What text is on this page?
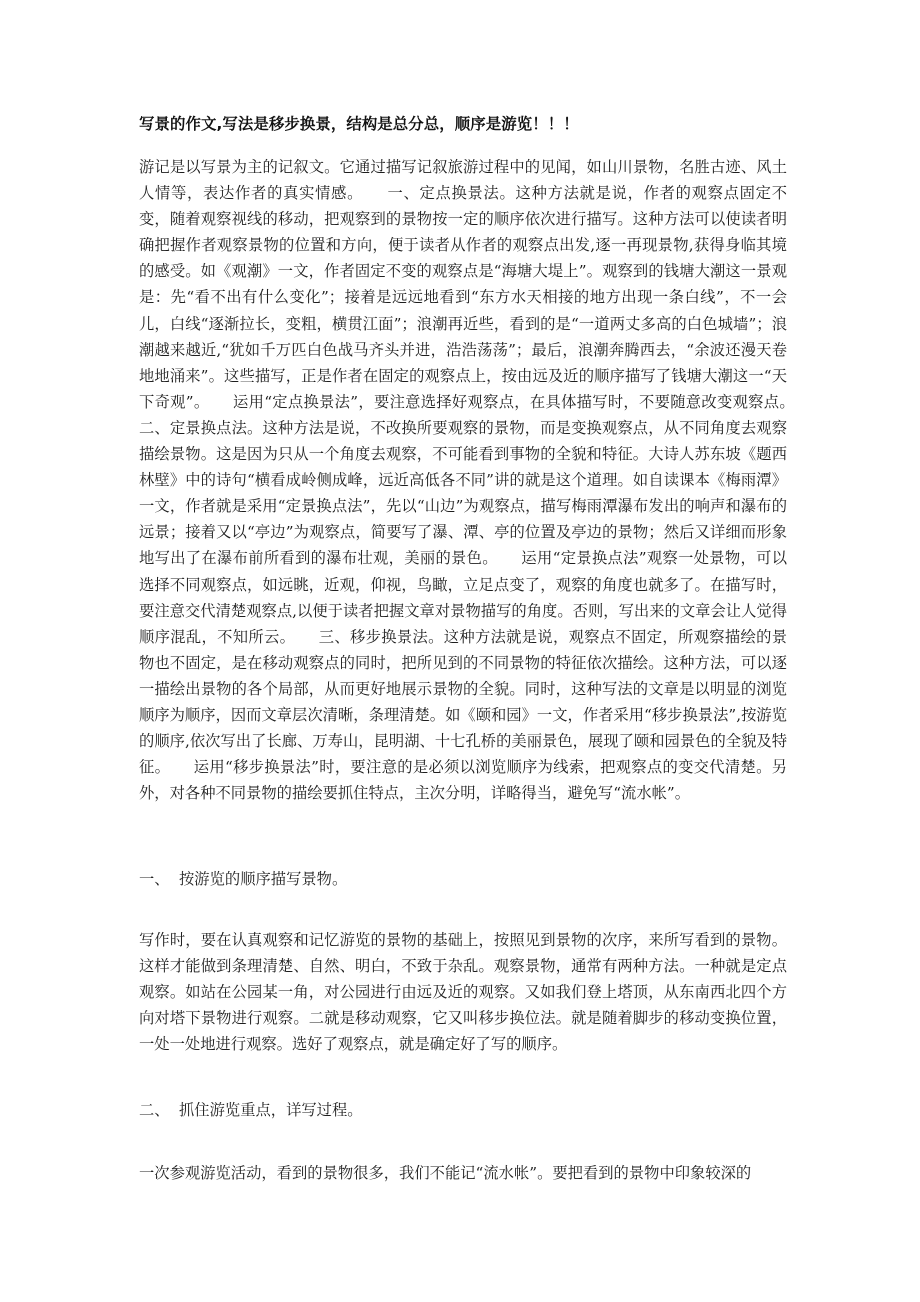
写景的作文,写法是移步换景，结构是总分总，顺序是游览！！！
游记是以写景为主的记叙文。它通过描写记叙旅游过程中的见闻，如山川景物，名胜古迹、风土人情等，表达作者的真实情感。　　一、定点换景法。这种方法就是说，作者的观察点固定不变，随着观察视线的移动，把观察到的景物按一定的顺序依次进行描写。这种方法可以使读者明确把握作者观察景物的位置和方向，便于读者从作者的观察点出发,逐一再现景物,获得身临其境的感受。如《观潮》一文，作者固定不变的观察点是“海塘大堤上”。观察到的钱塘大潮这一景观是：先“看不出有什么变化”；接着是远远地看到“东方水天相接的地方出现一条白线”，不一会儿，白线“逐渐拉长，变粗，横贯江面”；浪潮再近些，看到的是“一道两丈多高的白色城墙”；浪潮越来越近,“犹如千万匹白色战马齐头并进，浩浩荡荡”；最后，浪潮奔腾西去，“余波还漫天卷地地涌来”。这些描写，正是作者在固定的观察点上，按由远及近的顺序描写了钱塘大潮这一“天下奇观”。　　运用“定点换景法”，要注意选择好观察点，在具体描写时，不要随意改变观察点。　　二、定景换点法。这种方法是说，不改换所要观察的景物，而是变换观察点，从不同角度去观察描绘景物。这是因为只从一个角度去观察，不可能看到事物的全貌和特征。大诗人苏东坡《题西林壁》中的诗句“横看成岭侧成峰，远近高低各不同”讲的就是这个道理。如自读课本《梅雨潭》一文，作者就是采用“定景换点法”，先以“山边”为观察点，描写梅雨潭瀑布发出的响声和瀑布的远景；接着又以“亭边”为观察点，简要写了瀑、潭、亭的位置及亭边的景物；然后又详细而形象地写出了在瀑布前所看到的瀑布壮观，美丽的景色。　　运用“定景换点法”观察一处景物，可以选择不同观察点，如远眺，近观，仰视，鸟瞰，立足点变了，观察的角度也就多了。在描写时，要注意交代清楚观察点,以便于读者把握文章对景物描写的角度。否则，写出来的文章会让人觉得顺序混乱，不知所云。　　三、移步换景法。这种方法就是说，观察点不固定，所观察描绘的景物也不固定，是在移动观察点的同时，把所见到的不同景物的特征依次描绘。这种方法，可以逐一描绘出景物的各个局部，从而更好地展示景物的全貌。同时，这种写法的文章是以明显的浏览顺序为顺序，因而文章层次清晰，条理清楚。如《颐和园》一文，作者采用“移步换景法”,按游览的顺序,依次写出了长廊、万寿山，昆明湖、十七孔桥的美丽景色，展现了颐和园景色的全貌及特征。　　运用“移步换景法”时，要注意的是必须以浏览顺序为线索，把观察点的变交代清楚。另外，对各种不同景物的描绘要抓住特点，主次分明，详略得当，避免写“流水帐”。
一、 按游览的顺序描写景物。
写作时，要在认真观察和记忆游览的景物的基础上，按照见到景物的次序，来所写看到的景物。这样才能做到条理清楚、自然、明白，不致于杂乱。观察景物，通常有两种方法。一种就是定点观察。如站在公园某一角，对公园进行由远及近的观察。又如我们登上塔顶，从东南西北四个方向对塔下景物进行观察。二就是移动观察，它又叫移步换位法。就是随着脚步的移动变换位置，一处一处地进行观察。选好了观察点，就是确定好了写的顺序。
二、 抓住游览重点，详写过程。
一次参观游览活动，看到的景物很多，我们不能记“流水帐”。要把看到的景物中印象较深的
